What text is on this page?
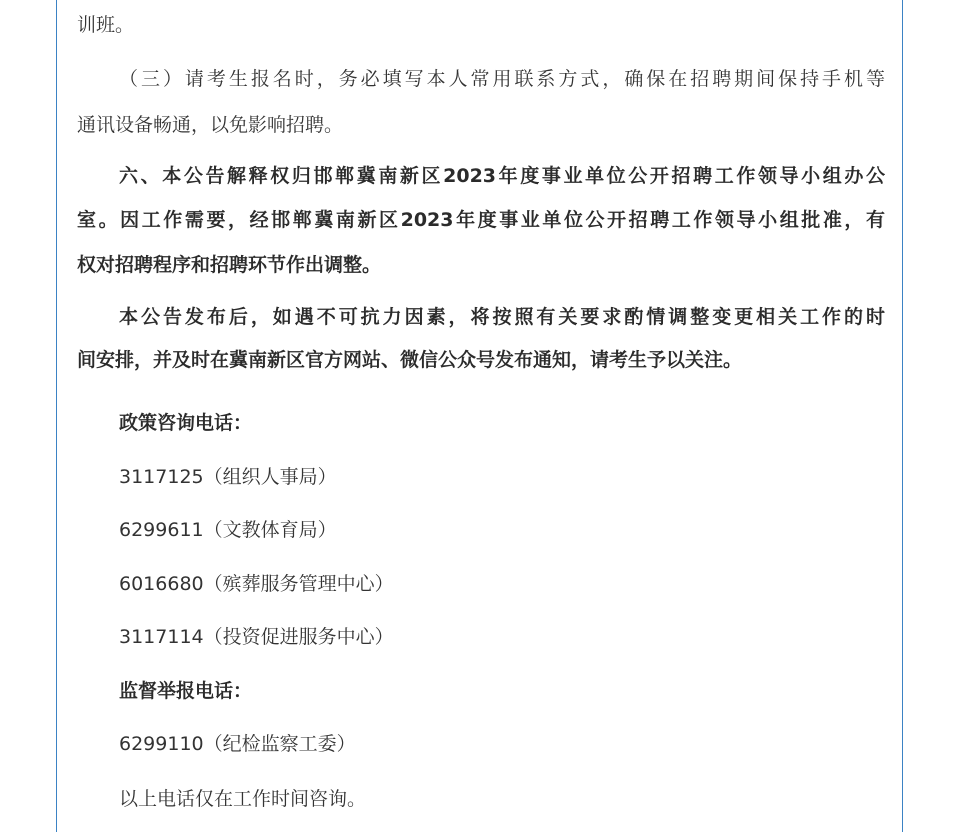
训班。
（三）请考生报名时，务必填写本人常用联系方式，确保在招聘期间保持手机等
通讯设备畅通，以免影响招聘。
六、本公告解释权归邯郸冀南新区2023年度事业单位公开招聘工作领导小组办公
室。因工作需要，经邯郸冀南新区2023年度事业单位公开招聘工作领导小组批准，有
权对招聘程序和招聘环节作出调整。
本公告发布后，如遇不可抗力因素，将按照有关要求酌情调整变更相关工作的时
间安排，并及时在冀南新区官方网站、微信公众号发布通知，请考生予以关注。
政策咨询电话：
3117125（组织人事局）
6299611（文教体育局）
6016680（殡葬服务管理中心）
3117114（投资促进服务中心）
监督举报电话：
6299110（纪检监察工委）
以上电话仅在工作时间咨询。
